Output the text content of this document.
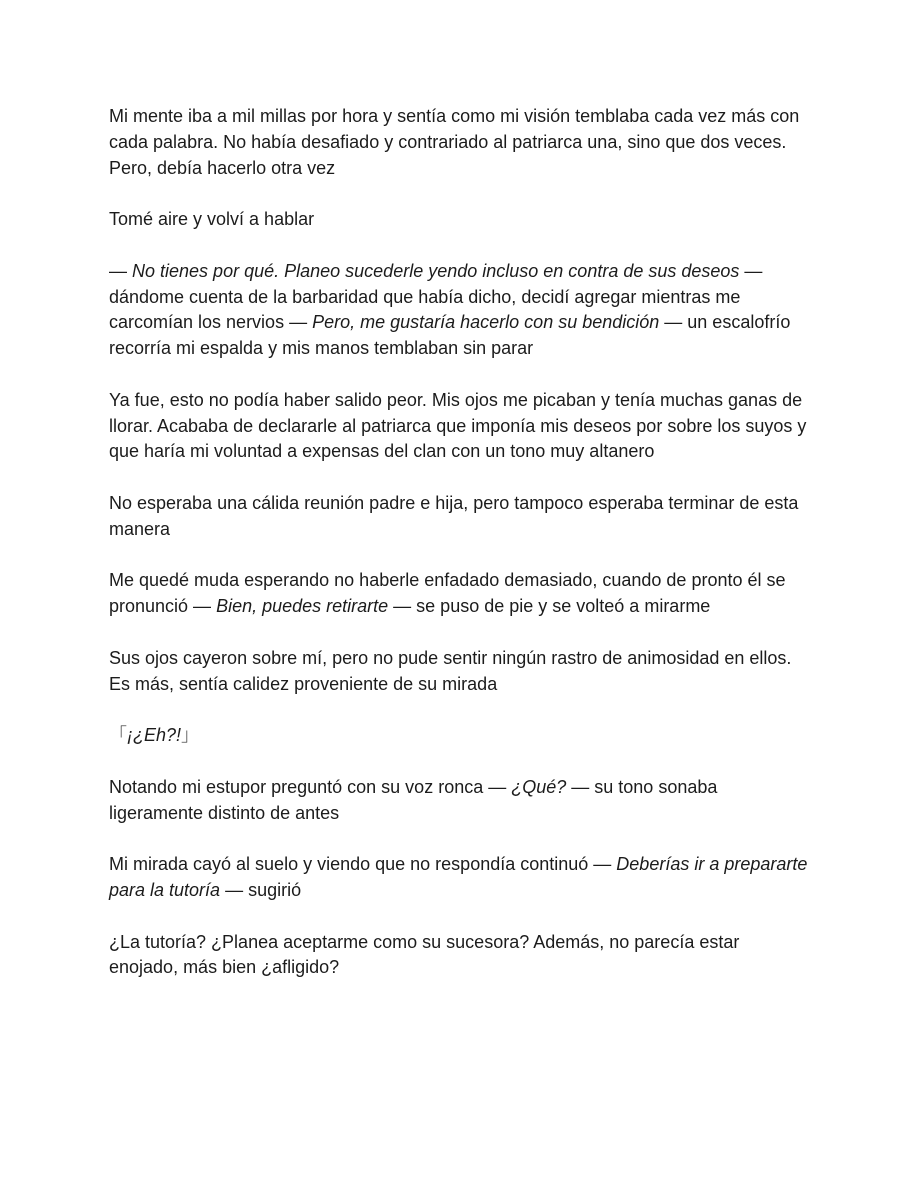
Mi mente iba a mil millas por hora y sentía como mi visión temblaba cada vez más con cada palabra. No había desafiado y contrariado al patriarca una, sino que dos veces. Pero, debía hacerlo otra vez

Tomé aire y volví a hablar

— No tienes por qué. Planeo sucederle yendo incluso en contra de sus deseos — dándome cuenta de la barbaridad que había dicho, decidí agregar mientras me carcomían los nervios — Pero, me gustaría hacerlo con su bendición — un escalofrío recorría mi espalda y mis manos temblaban sin parar

Ya fue, esto no podía haber salido peor. Mis ojos me picaban y tenía muchas ganas de llorar. Acababa de declararle al patriarca que imponía mis deseos por sobre los suyos y que haría mi voluntad a expensas del clan con un tono muy altanero

No esperaba una cálida reunión padre e hija, pero tampoco esperaba terminar de esta manera

Me quedé muda esperando no haberle enfadado demasiado, cuando de pronto él se pronunció — Bien, puedes retirarte — se puso de pie y se volteó a mirarme

Sus ojos cayeron sobre mí, pero no pude sentir ningún rastro de animosidad en ellos. Es más, sentía calidez proveniente de su mirada

「¡¿Eh?!」

Notando mi estupor preguntó con su voz ronca — ¿Qué? — su tono sonaba ligeramente distinto de antes

Mi mirada cayó al suelo y viendo que no respondía continuó — Deberías ir a prepararte para la tutoría — sugirió

¿La tutoría? ¿Planea aceptarme como su sucesora? Además, no parecía estar enojado, más bien ¿afligido?
